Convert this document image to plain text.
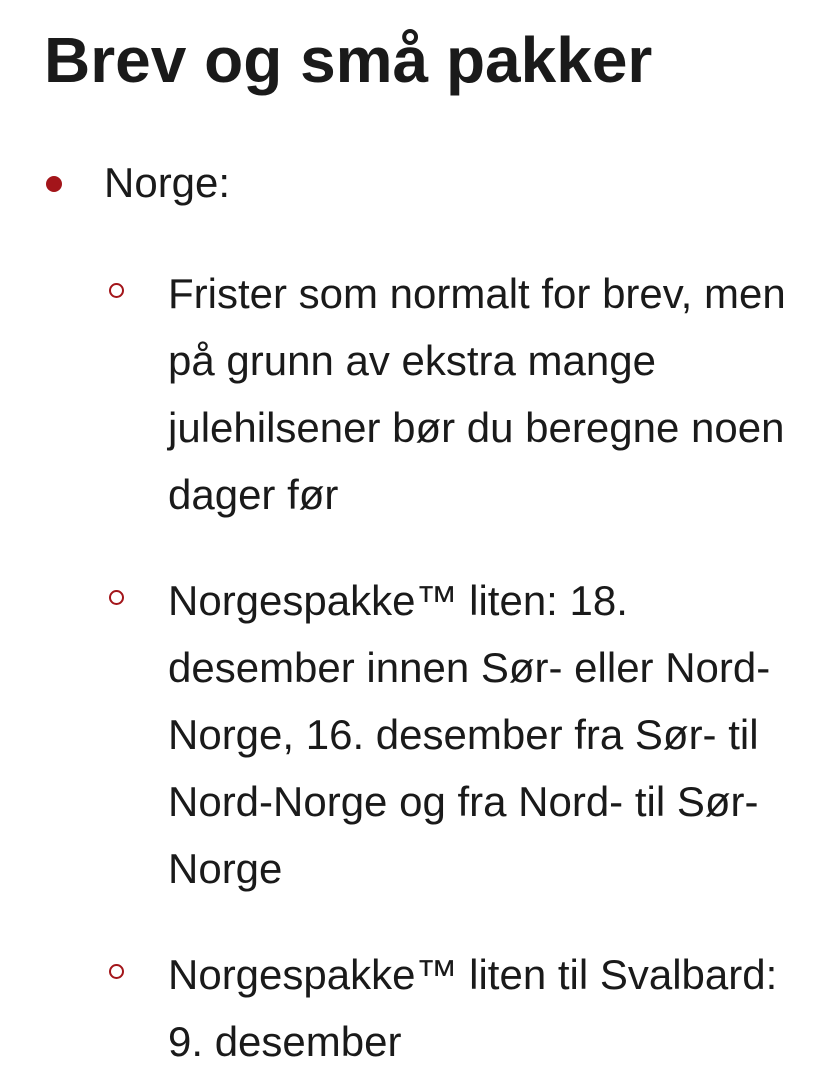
Brev og små pakker
Norge:
Frister som normalt for brev, men på grunn av ekstra mange julehilsener bør du beregne noen dager før
Norgespakke™ liten: 18. desember innen Sør- eller Nord-Norge, 16. desember fra Sør- til Nord-Norge og fra Nord- til Sør-Norge
Norgespakke™ liten til Svalbard: 9. desember
